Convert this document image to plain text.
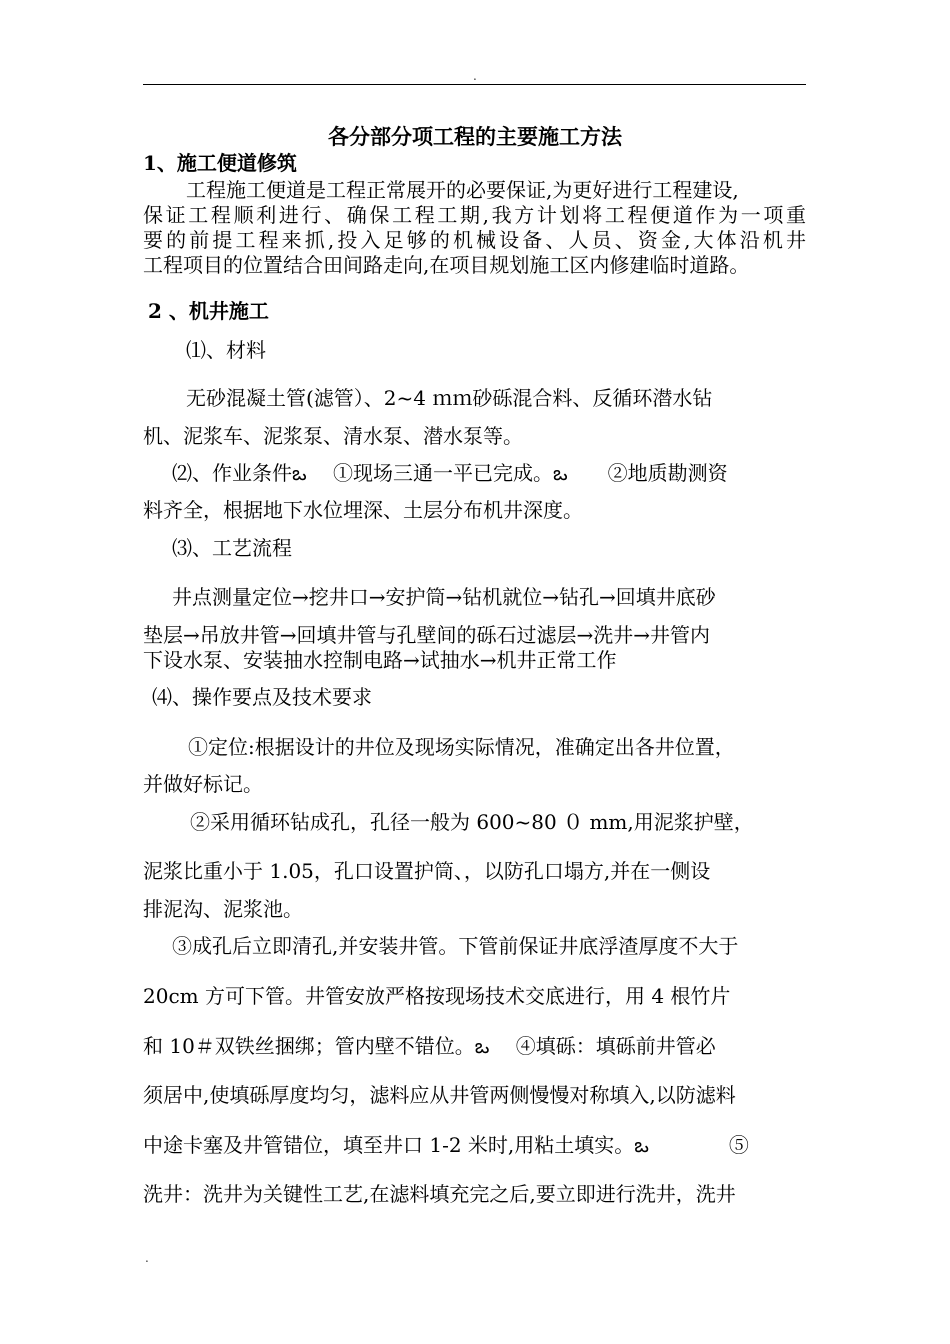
.
各分部分项工程的主要施工方法
1、施工便道修筑
工程施工便道是工程正常展开的必要保证,为更好进行工程建设,
保证工程顺利进行、确保工程工期,我方计划将工程便道作为一项重
要的前提工程来抓,投入足够的机械设备、人员、资金,大体沿机井
工程项目的位置结合田间路走向,在项目规划施工区内修建临时道路。
2 、机井施工
⑴、材料
无砂混凝土管(滤管）、2~4 ｍｍ砂砾混合料、反循环潜水钻
机、泥浆车、泥浆泵、清水泵、潜水泵等。
⑵、作业条件ఒ　 ①现场三通一平已完成。ఒ　　②地质勘测资
料齐全，根据地下水位埋深、土层分布机井深度。
⑶、工艺流程
井点测量定位→挖井口→安护筒→钻机就位→钻孔→回填井底砂
垫层→吊放井管→回填井管与孔壁间的砾石过滤层→洗井→井管内
下设水泵、安装抽水控制电路→试抽水→机井正常工作
⑷、操作要点及技术要求
①定位:根据设计的井位及现场实际情况，准确定出各井位置，
并做好标记。
②采用循环钻成孔，孔径一般为 600~80 ０ mm,用泥浆护壁，
泥浆比重小于 1.05，孔口设置护筒、，以防孔口塌方,并在一侧设
排泥沟、泥浆池。
③成孔后立即清孔,并安装井管。下管前保证井底浮渣厚度不大于
20cm 方可下管。井管安放严格按现场技术交底进行，用 4 根竹片
和 10＃双铁丝捆绑；管内壁不错位。ఒ　 ④填砾：填砾前井管必
须居中,使填砾厚度均匀，滤料应从井管两侧慢慢对称填入,以防滤料
中途卡塞及井管错位，填至井口 1-2 米时,用粘土填实。ఒ　　　　⑤
洗井：洗井为关键性工艺,在滤料填充完之后,要立即进行洗井，洗井
.
